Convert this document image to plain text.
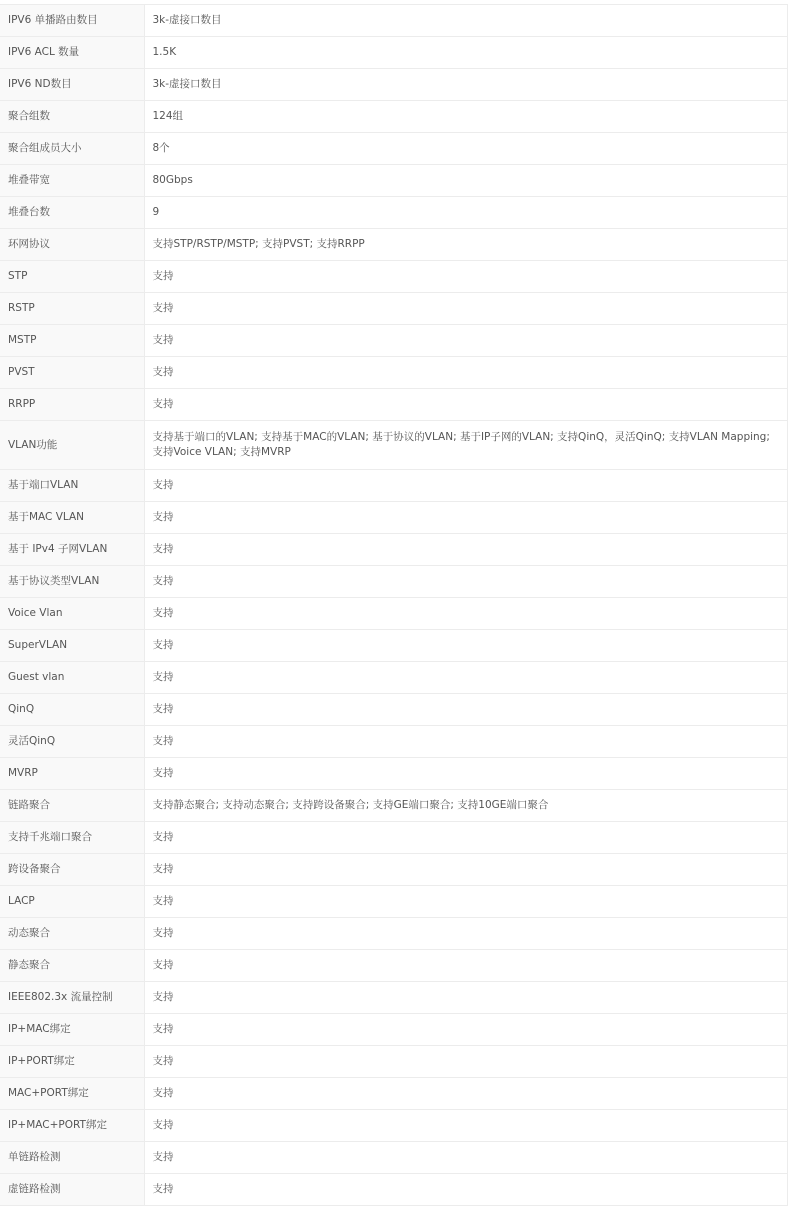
IPV6 单播路由数目	3k-虚接口数目
IPV6 ACL 数量	1.5K
IPV6 ND数目	3k-虚接口数目
聚合组数	124组
聚合组成员大小	8个
堆叠带宽	80Gbps
堆叠台数	9
环网协议	支持STP/RSTP/MSTP; 支持PVST; 支持RRPP
STP	支持
RSTP	支持
MSTP	支持
PVST	支持
RRPP	支持
VLAN功能	支持基于端口的VLAN; 支持基于MAC的VLAN; 基于协议的VLAN; 基于IP子网的VLAN; 支持QinQ，灵活QinQ; 支持VLAN Mapping; 支持Voice VLAN; 支持MVRP
基于端口VLAN	支持
基于MAC VLAN	支持
基于 IPv4 子网VLAN	支持
基于协议类型VLAN	支持
Voice Vlan	支持
SuperVLAN	支持
Guest vlan	支持
QinQ	支持
灵活QinQ	支持
MVRP	支持
链路聚合	支持静态聚合; 支持动态聚合; 支持跨设备聚合; 支持GE端口聚合; 支持10GE端口聚合
支持千兆端口聚合	支持
跨设备聚合	支持
LACP	支持
动态聚合	支持
静态聚合	支持
IEEE802.3x 流量控制	支持
IP+MAC绑定	支持
IP+PORT绑定	支持
MAC+PORT绑定	支持
IP+MAC+PORT绑定	支持
单链路检测	支持
虚链路检测	支持
